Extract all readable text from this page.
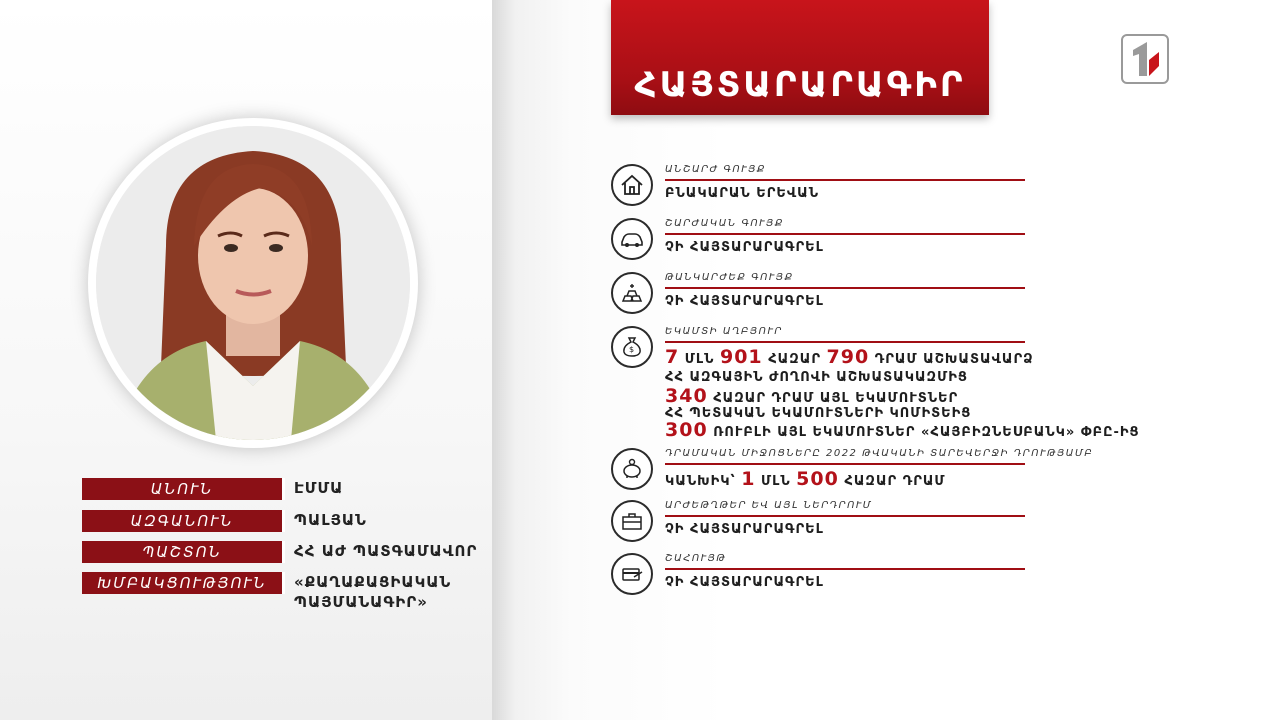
ԱՆՈՒՆ	ԷՄՄԱ
ԱԶԳԱՆՈՒՆ	ՊԱԼՅԱՆ
ՊԱՇՏՈՆ	ՀՀ ԱԺ ՊԱՏԳԱՄԱՎՈՐ
ԽՄԲԱԿՑՈՒԹՅՈՒՆ	«ՔԱՂԱՔԱՑԻԱԿԱՆ
ՊԱՅՄԱՆԱԳԻՐ»
ՀԱՅՏԱՐԱՐԱԳԻՐ
ԱՆՇԱՐԺ ԳՈՒՅՔ
ԲՆԱԿԱՐԱՆ ԵՐԵՎԱՆ
ՇԱՐԺԱԿԱՆ ԳՈՒՅՔ
ՉԻ ՀԱՅՏԱՐԱՐԱԳՐԵԼ
ԹԱՆԿԱՐԺԵՔ ԳՈՒՅՔ
ՉԻ ՀԱՅՏԱՐԱՐԱԳՐԵԼ
$
ԵԿԱՄՏԻ ԱՂԲՅՈՒՐ
7 ՄԼՆ 901 ՀԱԶԱՐ 790 ԴՐԱՄ ԱՇԽԱՏԱՎԱՐՁ
ՀՀ ԱԶԳԱՅԻՆ ԺՈՂՈՎԻ ԱՇԽԱՏԱԿԱԶՄԻՑ
340 ՀԱԶԱՐ ԴՐԱՄ ԱՅԼ ԵԿԱՄՈՒՏՆԵՐ
ՀՀ ՊԵՏԱԿԱՆ ԵԿԱՄՈՒՏՆԵՐԻ ԿՈՄԻՏԵԻՑ
300 ՌՈՒԲԼԻ ԱՅԼ ԵԿԱՄՈՒՏՆԵՐ «ՀԱՅԲԻԶՆԵՍԲԱՆԿ» ՓԲԸ-ԻՑ
ԴՐԱՄԱԿԱՆ ՄԻՋՈՑՆԵՐԸ 2022 ԹՎԱԿԱՆԻ ՏԱՐԵՎԵՐՋԻ ԴՐՈՒԹՅԱՄԲ
ԿԱՆԽԻԿ՝ 1 ՄԼՆ 500 ՀԱԶԱՐ ԴՐԱՄ
ԱՐԺԵԹՂԹԵՐ ԵՎ ԱՅԼ ՆԵՐԴՐՈՒՄ
ՉԻ ՀԱՅՏԱՐԱՐԱԳՐԵԼ
ՇԱՀՈՒՅԹ
ՉԻ ՀԱՅՏԱՐԱՐԱԳՐԵԼ
